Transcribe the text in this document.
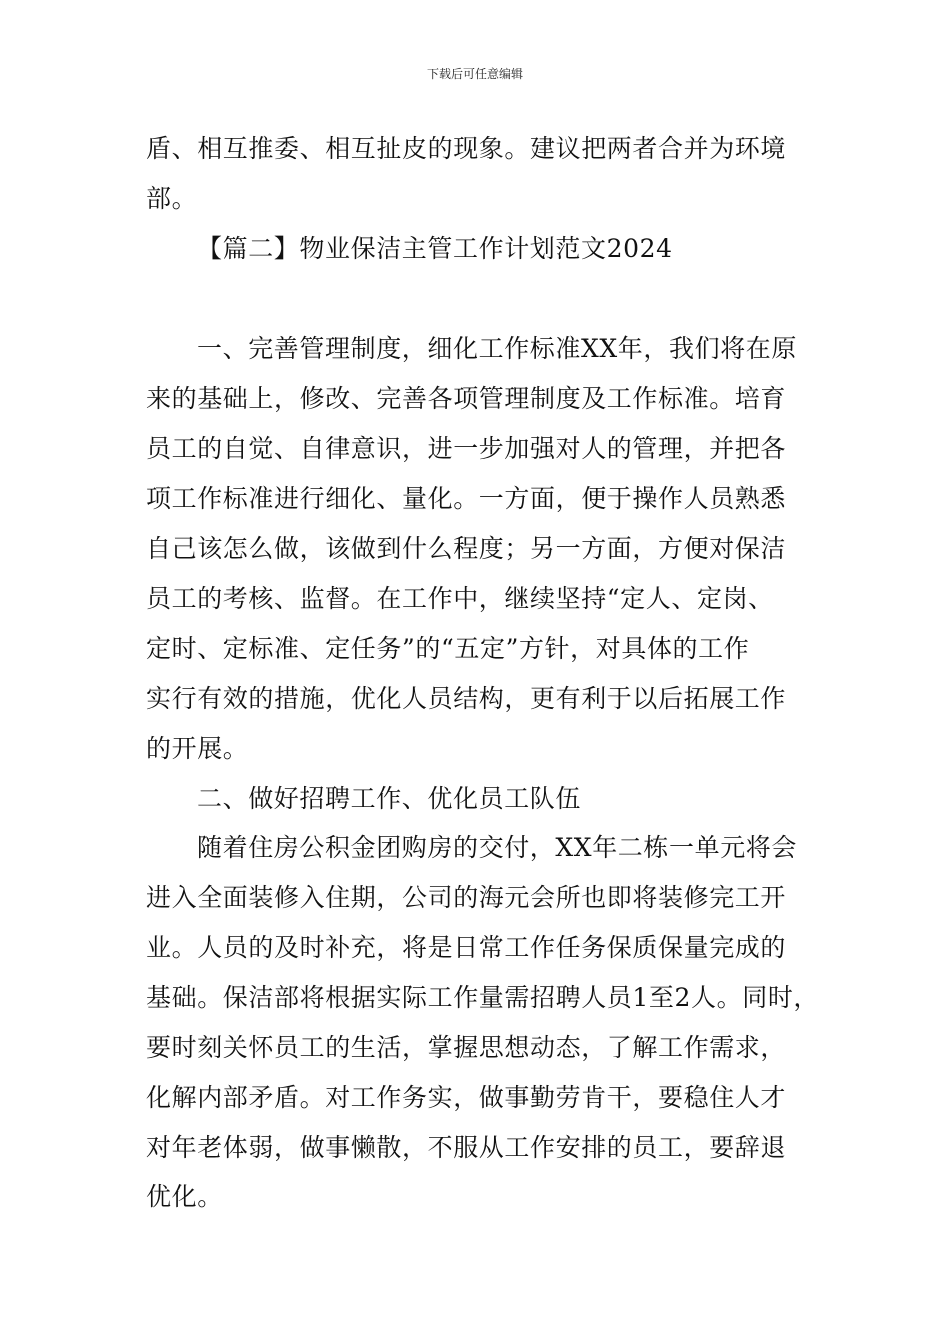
下载后可任意编辑
盾、相互推委、相互扯皮的现象。建议把两者合并为环境
部。
【篇二】物业保洁主管工作计划范文2024
一、完善管理制度，细化工作标准XX年，我们将在原
来的基础上，修改、完善各项管理制度及工作标准。培育
员工的自觉、自律意识，进一步加强对人的管理，并把各
项工作标准进行细化、量化。一方面，便于操作人员熟悉
自己该怎么做，该做到什么程度；另一方面，方便对保洁
员工的考核、监督。在工作中，继续坚持“定人、定岗、
定时、定标准、定任务”的“五定”方针，对具体的工作
实行有效的措施，优化人员结构，更有利于以后拓展工作
的开展。
二、做好招聘工作、优化员工队伍
随着住房公积金团购房的交付，XX年二栋一单元将会
进入全面装修入住期，公司的海元会所也即将装修完工开
业。人员的及时补充，将是日常工作任务保质保量完成的
基础。保洁部将根据实际工作量需招聘人员1至2人。同时，
要时刻关怀员工的生活，掌握思想动态，了解工作需求，
化解内部矛盾。对工作务实，做事勤劳肯干，要稳住人才
对年老体弱，做事懒散，不服从工作安排的员工，要辞退
优化。
